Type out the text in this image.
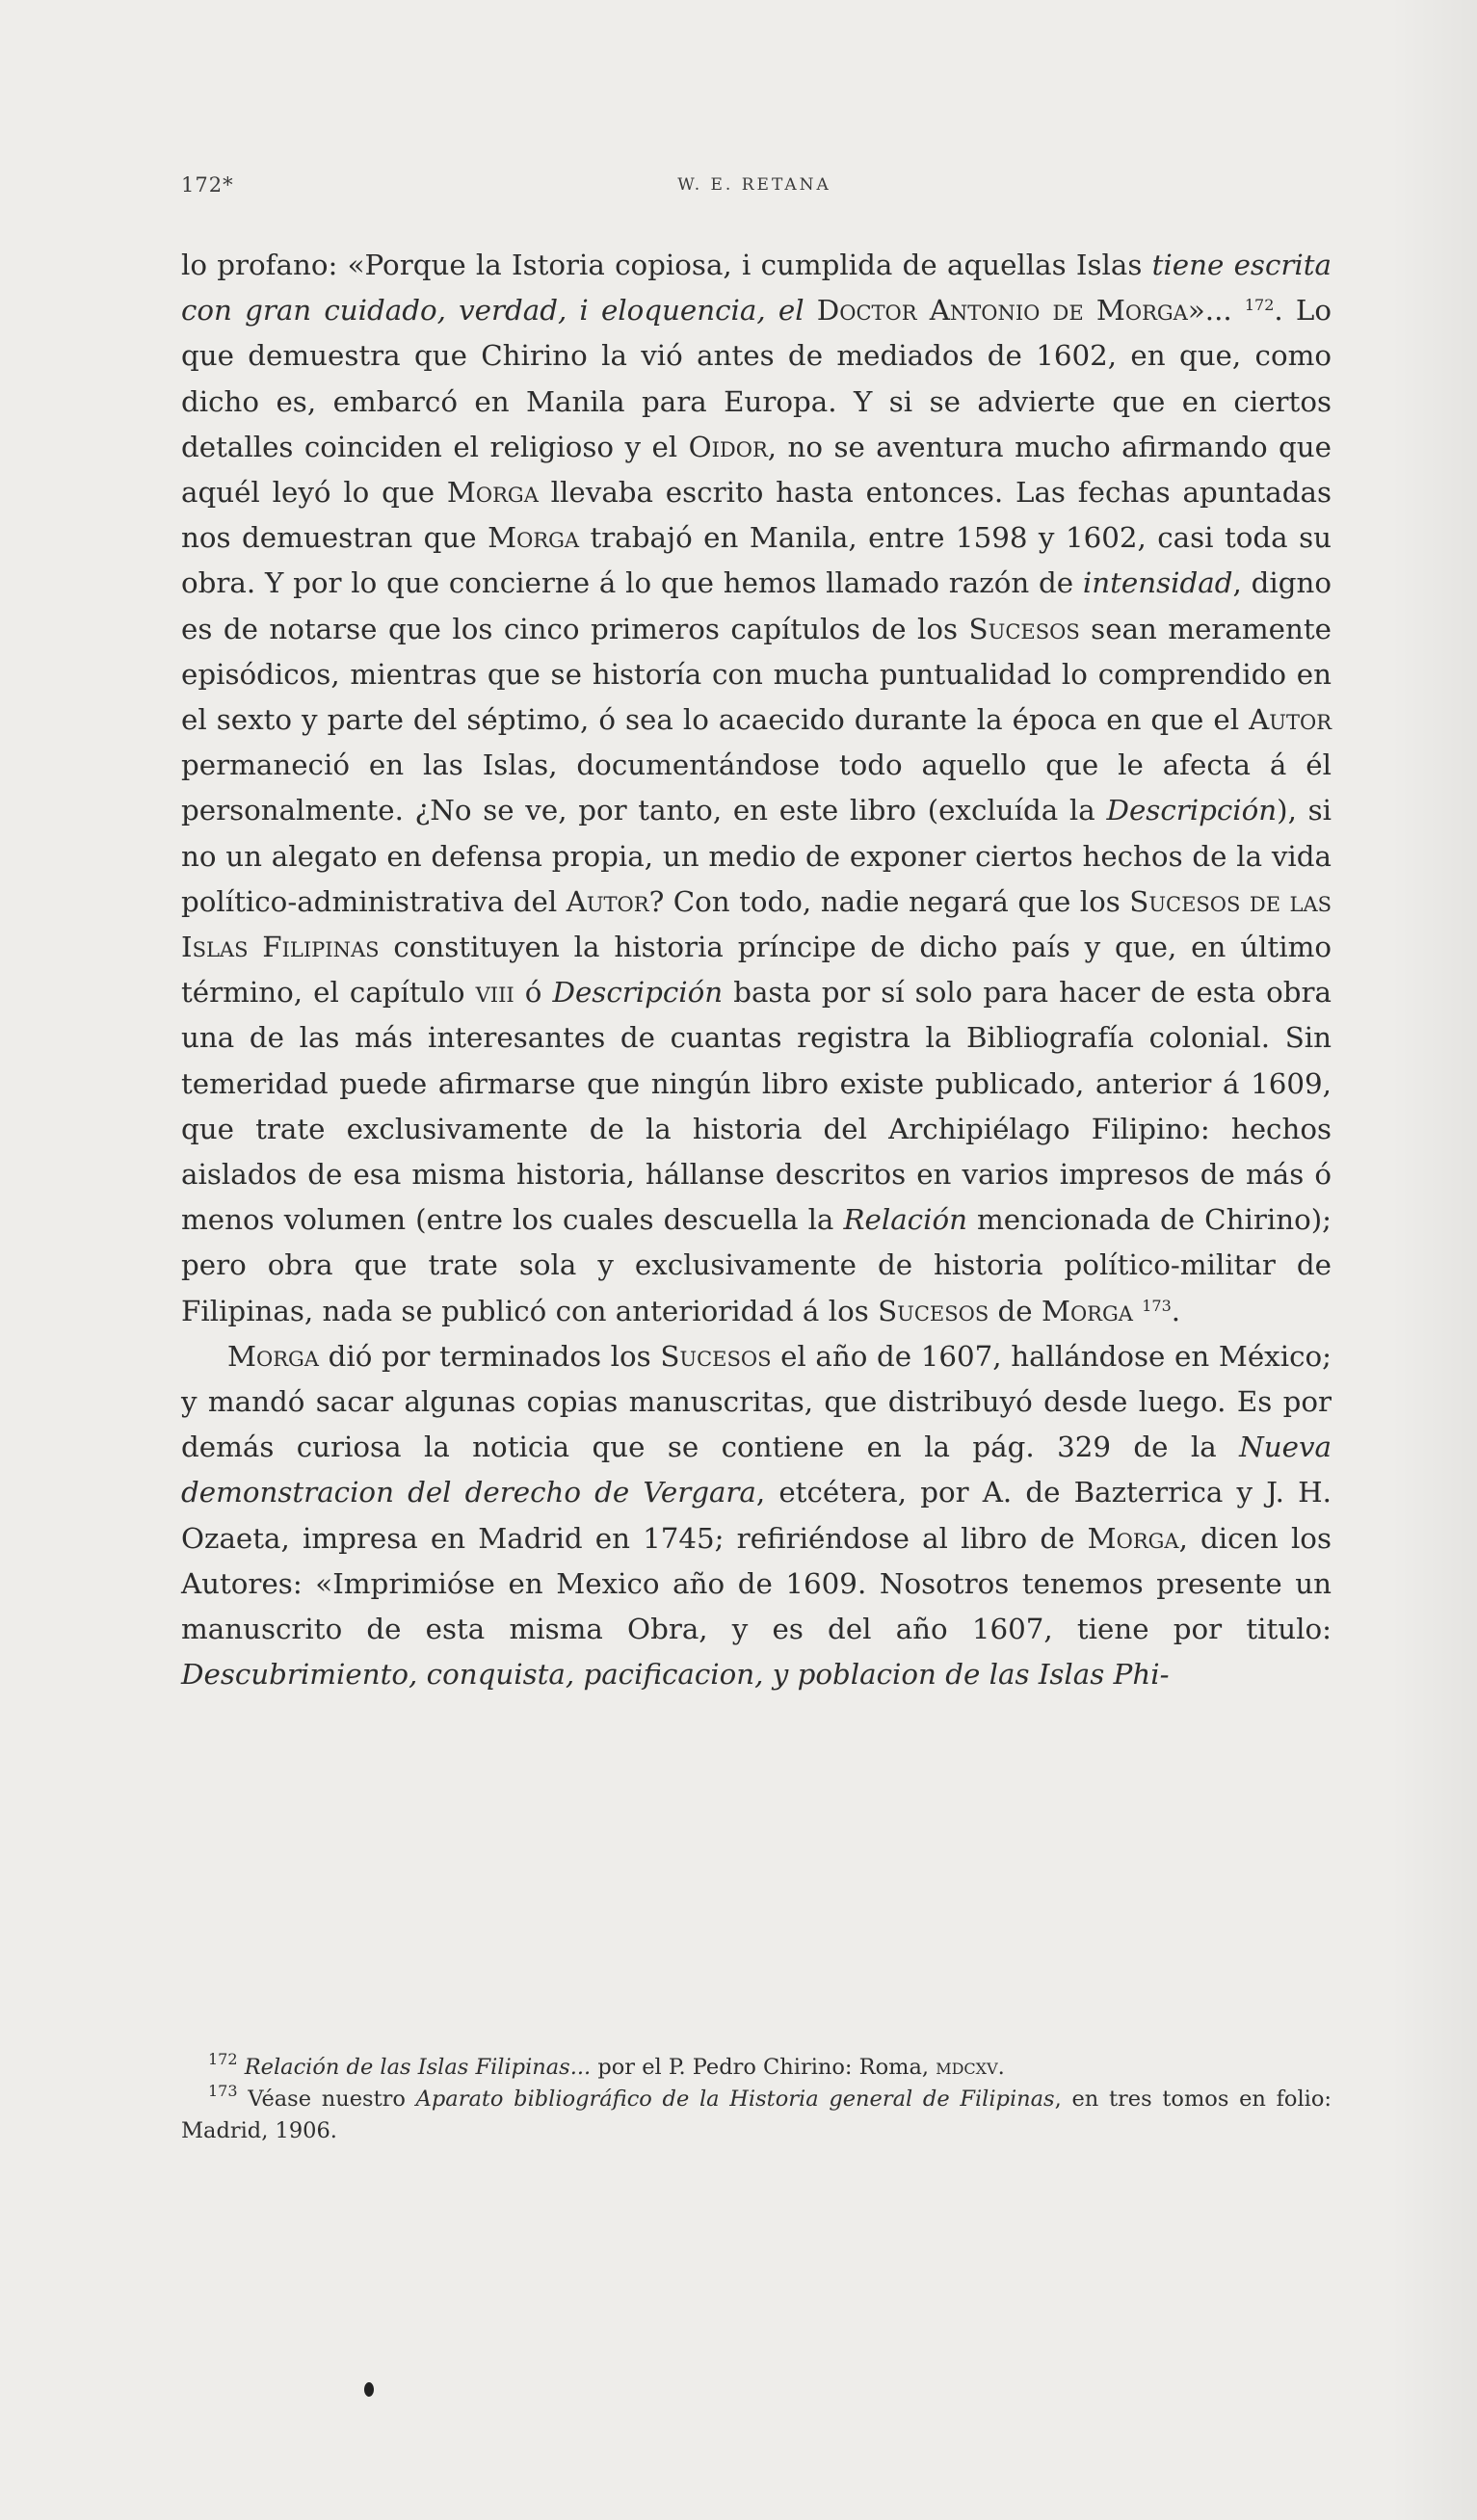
172*	W. E. RETANA

lo profano: «Porque la Istoria copiosa, i cumplida de aquellas Islas tiene escrita con gran cuidado, verdad, i eloquencia, el Doctor Antonio de Morga»... $^{172}$. Lo que demuestra que Chirino la vió antes de mediados de 1602, en que, como dicho es, embarcó en Manila para Europa. Y si se advierte que en ciertos detalles coinciden el religioso y el Oidor, no se aventura mucho afirmando que aquél leyó lo que Morga llevaba escrito hasta entonces. Las fechas apuntadas nos demuestran que Morga trabajó en Manila, entre 1598 y 1602, casi toda su obra. Y por lo que concierne á lo que hemos llamado razón de intensidad, digno es de notarse que los cinco primeros capítulos de los Sucesos sean meramente episódicos, mientras que se historía con mucha puntualidad lo comprendido en el sexto y parte del séptimo, ó sea lo acaecido durante la época en que el Autor permaneció en las Islas, documentándose todo aquello que le afecta á él personalmente. ¿No se ve, por tanto, en este libro (excluída la Descripción), si no un alegato en defensa propia, un medio de exponer ciertos hechos de la vida político-administrativa del Autor? Con todo, nadie negará que los Sucesos de las Islas Filipinas constituyen la historia príncipe de dicho país y que, en último término, el capítulo viii ó Descripción basta por sí solo para hacer de esta obra una de las más interesantes de cuantas registra la Bibliografía colonial. Sin temeridad puede afirmarse que ningún libro existe publicado, anterior á 1609, que trate exclusivamente de la historia del Archipiélago Filipino: hechos aislados de esa misma historia, hállanse descritos en varios impresos de más ó menos volumen (entre los cuales descuella la Relación mencionada de Chirino); pero obra que trate sola y exclusivamente de historia político-militar de Filipinas, nada se publicó con anterioridad á los Sucesos de Morga $^{173}$.

Morga dió por terminados los Sucesos el año de 1607, hallándose en México; y mandó sacar algunas copias manuscritas, que distribuyó desde luego. Es por demás curiosa la noticia que se contiene en la pág. 329 de la Nueva demonstracion del derecho de Vergara, etcétera, por A. de Bazterrica y J. H. Ozaeta, impresa en Madrid en 1745; refiriéndose al libro de Morga, dicen los Autores: «Imprimióse en Mexico año de 1609. Nosotros tenemos presente un manuscrito de esta misma Obra, y es del año 1607, tiene por titulo: Descubrimiento, conquista, pacificacion, y poblacion de las Islas Phi-

$^{172}$ Relación de las Islas Filipinas... por el P. Pedro Chirino: Roma, mdcxv.

$^{173}$ Véase nuestro Aparato bibliográfico de la Historia general de Filipinas, en tres tomos en folio: Madrid, 1906.
